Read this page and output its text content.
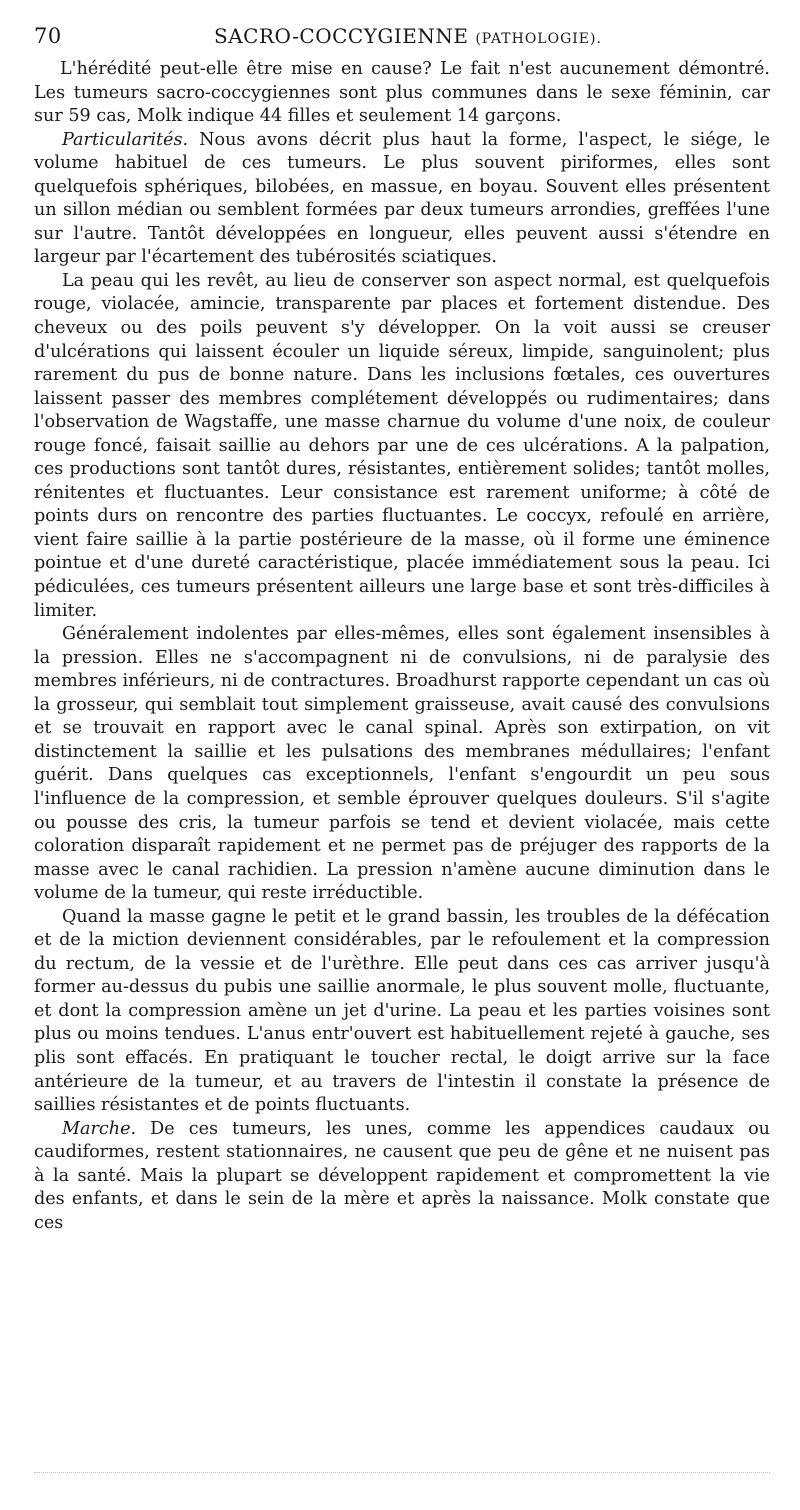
70	SACRO-COCCYGIENNE (PATHOLOGIE).

L'hérédité peut-elle être mise en cause? Le fait n'est aucunement démontré. Les tumeurs sacro-coccygiennes sont plus communes dans le sexe féminin, car sur 59 cas, Molk indique 44 filles et seulement 14 garçons.

Particularités. Nous avons décrit plus haut la forme, l'aspect, le siége, le volume habituel de ces tumeurs. Le plus souvent piriformes, elles sont quelquefois sphériques, bilobées, en massue, en boyau. Souvent elles présentent un sillon médian ou semblent formées par deux tumeurs arrondies, greffées l'une sur l'autre. Tantôt développées en longueur, elles peuvent aussi s'étendre en largeur par l'écartement des tubérosités sciatiques.

La peau qui les revêt, au lieu de conserver son aspect normal, est quelquefois rouge, violacée, amincie, transparente par places et fortement distendue. Des cheveux ou des poils peuvent s'y développer. On la voit aussi se creuser d'ulcérations qui laissent écouler un liquide séreux, limpide, sanguinolent; plus rarement du pus de bonne nature. Dans les inclusions fœtales, ces ouvertures laissent passer des membres complétement développés ou rudimentaires; dans l'observation de Wagstaffe, une masse charnue du volume d'une noix, de couleur rouge foncé, faisait saillie au dehors par une de ces ulcérations. A la palpation, ces productions sont tantôt dures, résistantes, entièrement solides; tantôt molles, rénitentes et fluctuantes. Leur consistance est rarement uniforme; à côté de points durs on rencontre des parties fluctuantes. Le coccyx, refoulé en arrière, vient faire saillie à la partie postérieure de la masse, où il forme une éminence pointue et d'une dureté caractéristique, placée immédiatement sous la peau. Ici pédiculées, ces tumeurs présentent ailleurs une large base et sont très-difficiles à limiter.

Généralement indolentes par elles-mêmes, elles sont également insensibles à la pression. Elles ne s'accompagnent ni de convulsions, ni de paralysie des membres inférieurs, ni de contractures. Broadhurst rapporte cependant un cas où la grosseur, qui semblait tout simplement graisseuse, avait causé des convulsions et se trouvait en rapport avec le canal spinal. Après son extirpation, on vit distinctement la saillie et les pulsations des membranes médullaires; l'enfant guérit. Dans quelques cas exceptionnels, l'enfant s'engourdit un peu sous l'influence de la compression, et semble éprouver quelques douleurs. S'il s'agite ou pousse des cris, la tumeur parfois se tend et devient violacée, mais cette coloration disparaît rapidement et ne permet pas de préjuger des rapports de la masse avec le canal rachidien. La pression n'amène aucune diminution dans le volume de la tumeur, qui reste irréductible.

Quand la masse gagne le petit et le grand bassin, les troubles de la défécation et de la miction deviennent considérables, par le refoulement et la compression du rectum, de la vessie et de l'urèthre. Elle peut dans ces cas arriver jusqu'à former au-dessus du pubis une saillie anormale, le plus souvent molle, fluctuante, et dont la compression amène un jet d'urine. La peau et les parties voisines sont plus ou moins tendues. L'anus entr'ouvert est habituellement rejeté à gauche, ses plis sont effacés. En pratiquant le toucher rectal, le doigt arrive sur la face antérieure de la tumeur, et au travers de l'intestin il constate la présence de saillies résistantes et de points fluctuants.

Marche. De ces tumeurs, les unes, comme les appendices caudaux ou caudiformes, restent stationnaires, ne causent que peu de gêne et ne nuisent pas à la santé. Mais la plupart se développent rapidement et compromettent la vie des enfants, et dans le sein de la mère et après la naissance. Molk constate que ces
